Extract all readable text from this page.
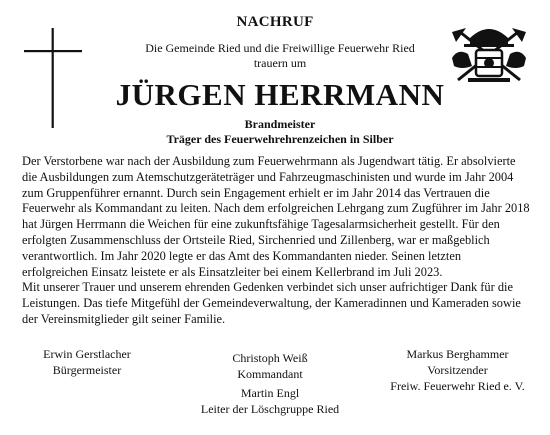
NACHRUF
Die Gemeinde Ried und die Freiwillige Feuerwehr Ried
trauern um
JÜRGEN HERRMANN
Brandmeister
Träger des Feuerwehrehrenzeichen in Silber

Der Verstorbene war nach der Ausbildung zum Feuerwehrmann als Jugendwart tätig. Er absolvierte die Ausbildungen zum Atemschutzgeräteträger und Fahrzeugmaschinisten und wurde im Jahr 2004 zum Gruppenführer ernannt. Durch sein Engagement erhielt er im Jahr 2014 das Vertrauen die Feuerwehr als Kommandant zu leiten. Nach dem erfolgreichen Lehrgang zum Zugführer im Jahr 2018 hat Jürgen Herrmann die Weichen für eine zukunftsfähige Tagesalarmsicherheit gestellt. Für den erfolgten Zusammenschluss der Ortsteile Ried, Sirchenried und Zillenberg, war er maßgeblich verantwortlich. Im Jahr 2020 legte er das Amt des Kommandanten nieder. Seinen letzten erfolgreichen Einsatz leistete er als Einsatzleiter bei einem Kellerbrand im Juli 2023.

Mit unserer Trauer und unserem ehrenden Gedenken verbindet sich unser aufrichtiger Dank für die Leistungen. Das tiefe Mitgefühl der Gemeindeverwaltung, der Kameradinnen und Kameraden sowie der Vereinsmitglieder gilt seiner Familie.

Erwin Gerstlacher
Bürgermeister
Christoph Weiß
Kommandant
Markus Berghammer
Vorsitzender
Freiw. Feuerwehr Ried e. V.
Martin Engl
Leiter der Löschgruppe Ried
